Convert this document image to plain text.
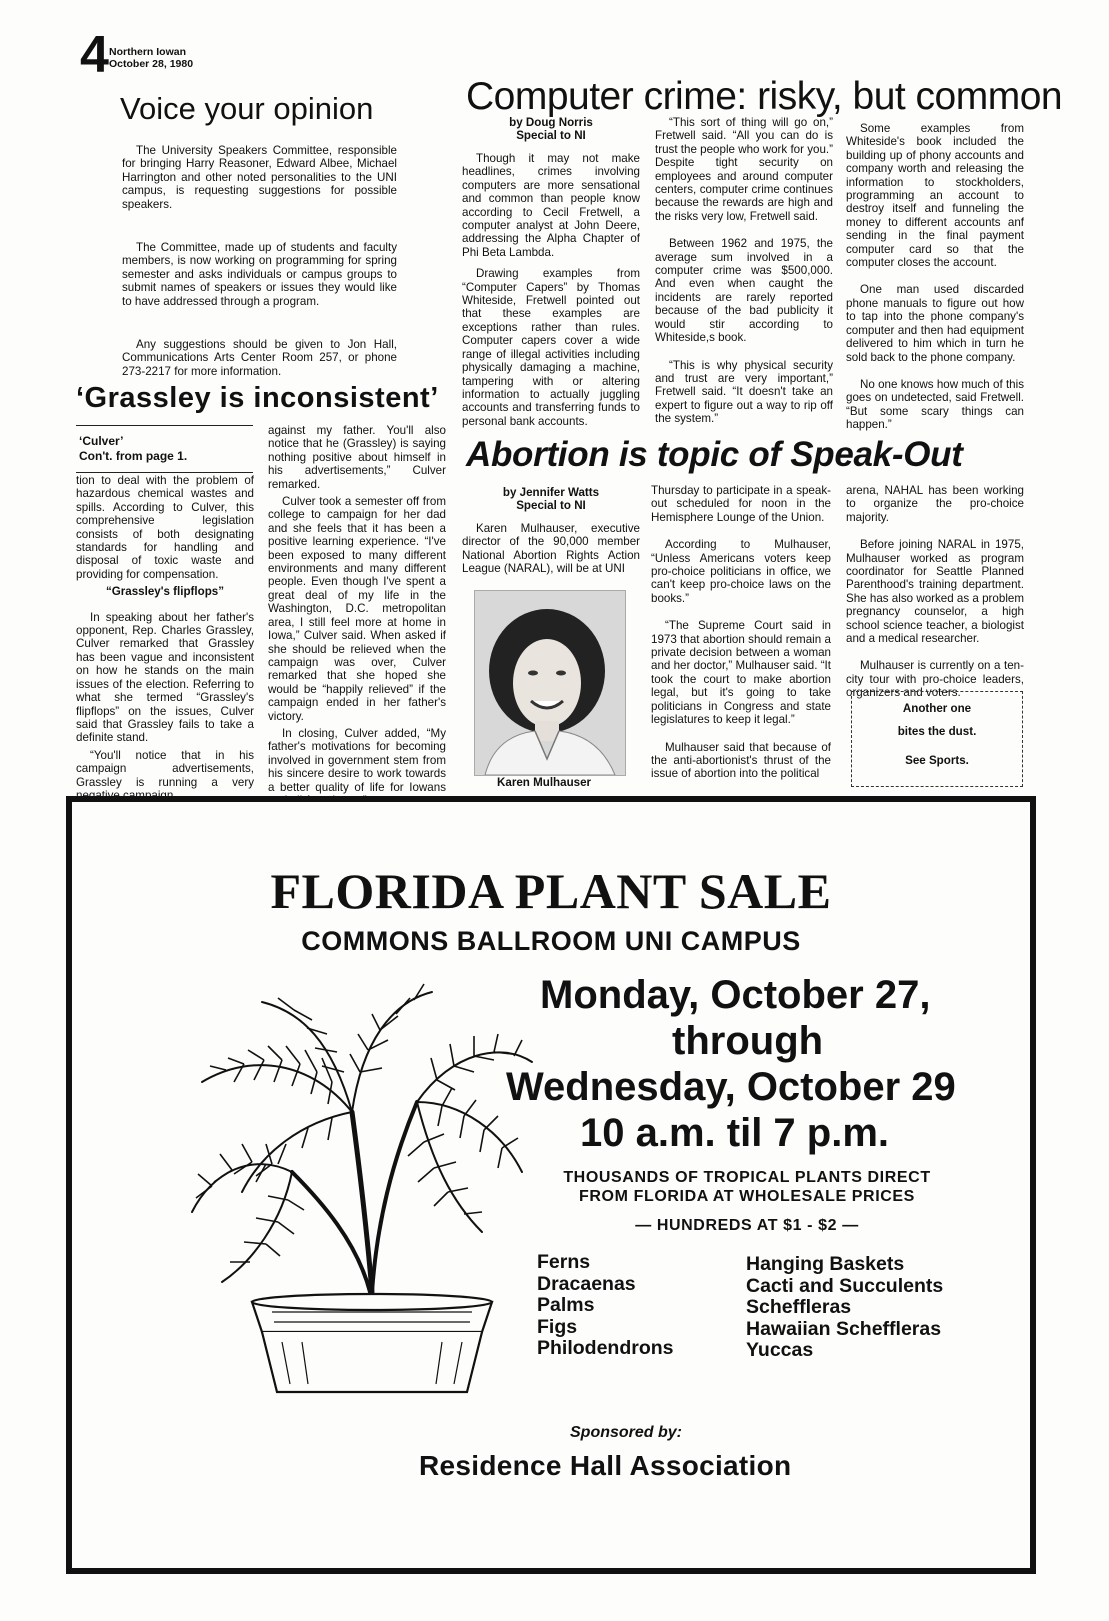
4 Northern Iowan
October 28, 1980
Voice your opinion

The University Speakers Committee, responsible for bringing Harry Reasoner, Edward Albee, Michael Harrington and other noted personalities to the UNI campus, is requesting suggestions for possible speakers.

The Committee, made up of students and faculty members, is now working on programming for spring semester and asks individuals or campus groups to submit names of speakers or issues they would like to have addressed through a program.

Any suggestions should be given to Jon Hall, Communications Arts Center Room 257, or phone 273-2217 for more information.

‘Grassley is inconsistent’
‘Culver’
Con't. from page 1.

tion to deal with the problem of hazardous chemical wastes and spills. According to Culver, this comprehensive legislation consists of both designating standards for handling and disposal of toxic waste and providing for compensation.

“Grassley's flipflops”

In speaking about her father's opponent, Rep. Charles Grassley, Culver remarked that Grassley has been vague and inconsistent on how he stands on the main issues of the election. Referring to what she termed “Grassley's flipflops” on the issues, Culver said that Grassley fails to take a definite stand.

“You'll notice that in his campaign advertisements, Grassley is running a very

against my father. You'll also notice that he (Grassley) is saying nothing positive about himself in his advertisements,” Culver remarked.

Culver took a semester off from college to campaign for her dad and she feels that it has been a positive learning experience. “I've been exposed to many different environments and many different people. Even though I've spent a great deal of my life in the Washington, D.C. metropolitan area, I still feel more at home in Iowa,” Culver said. When asked if she should be relieved when the campaign was over, Culver remarked that she hoped she would be “happily relieved” if the campaign ended in her father's victory.

In closing, Culver added, “My father's motivations for becoming involved in government stem from his sincere desire to work towards a better quality of life for Iowans

Computer crime: risky, but common
by Doug Norris
Special to NI

Though it may not make headlines, crimes involving computers are more sensational and common than people know according to Cecil Fretwell, a computer analyst at John Deere, addressing the Alpha Chapter of Phi Beta Lambda.

Drawing examples from “Computer Capers” by Thomas Whiteside, Fretwell pointed out that these examples are exceptions rather than rules. Computer capers cover a wide range of illegal activities including physically damaging a machine, tampering with or altering information to actually juggling accounts and transferring funds to personal bank accounts.

“This sort of thing will go on,” Fretwell said. “All you can do is trust the people who work for you.” Despite tight security on employees and around computer centers, computer crime continues because the rewards are high and the risks very low, Fretwell said.

Between 1962 and 1975, the average sum involved in a computer crime was $500,000. And even when caught the incidents are rarely reported because of the bad publicity it would stir according to Whiteside,s book.

“This is why physical security and trust are very important,” Fretwell said. “It doesn't take an expert to figure out a way to rip off the system.”

Some examples from Whiteside's book included the building up of phony accounts and company worth and releasing the information to stockholders, programming an account to destroy itself and funneling the money to different accounts anf sending in the final payment computer card so that the computer closes the account.

One man used discarded phone manuals to figure out how to tap into the phone company's computer and then had equipment delivered to him which in turn he sold back to the phone company.

No one knows how much of this goes on undetected, said Fretwell. “But some scary things can happen.”

Abortion is topic of Speak-Out
by Jennifer Watts
Special to NI

Karen Mulhauser, executive director of the 90,000 member National Abortion Rights Action League (NARAL), will be at UNI

Karen Mulhauser

Thursday to participate in a speak-out scheduled for noon in the Hemisphere Lounge of the Union.

According to Mulhauser, “Unless Americans voters keep pro-choice politicians in office, we can't keep pro-choice laws on the books.”

“The Supreme Court said in 1973 that abortion should remain a private decision between a woman and her doctor,” Mulhauser said. “It took the court to make abortion legal, but it's going to take politicians in Congress and state legislatures to keep it legal.”

Mulhauser said that because of the anti-abortionist's thrust of the issue of abortion into the political

arena, NAHAL has been working to organize the pro-choice majority.

Before joining NARAL in 1975, Mulhauser worked as program coordinator for Seattle Planned Parenthood's training department. She has also worked as a problem pregnancy counselor, a high school science teacher, a biologist and a medical researcher.

Mulhauser is currently on a ten-city tour with pro-choice leaders, organizers and voters.

Another one
bites the dust.
See Sports.
FLORIDA PLANT SALE
COMMONS BALLROOM UNI CAMPUS
Monday, October 27,
through
Wednesday, October 29
10 a.m. til 7 p.m.
THOUSANDS OF TROPICAL PLANTS DIRECT
FROM FLORIDA AT WHOLESALE PRICES
— HUNDREDS AT $1 - $2 —
Ferns
Dracaenas
Palms
Figs
Philodendrons
Hanging Baskets
Cacti and Succulents
Scheffleras
Hawaiian Scheffleras
Yuccas
Sponsored by:
Residence Hall Association
